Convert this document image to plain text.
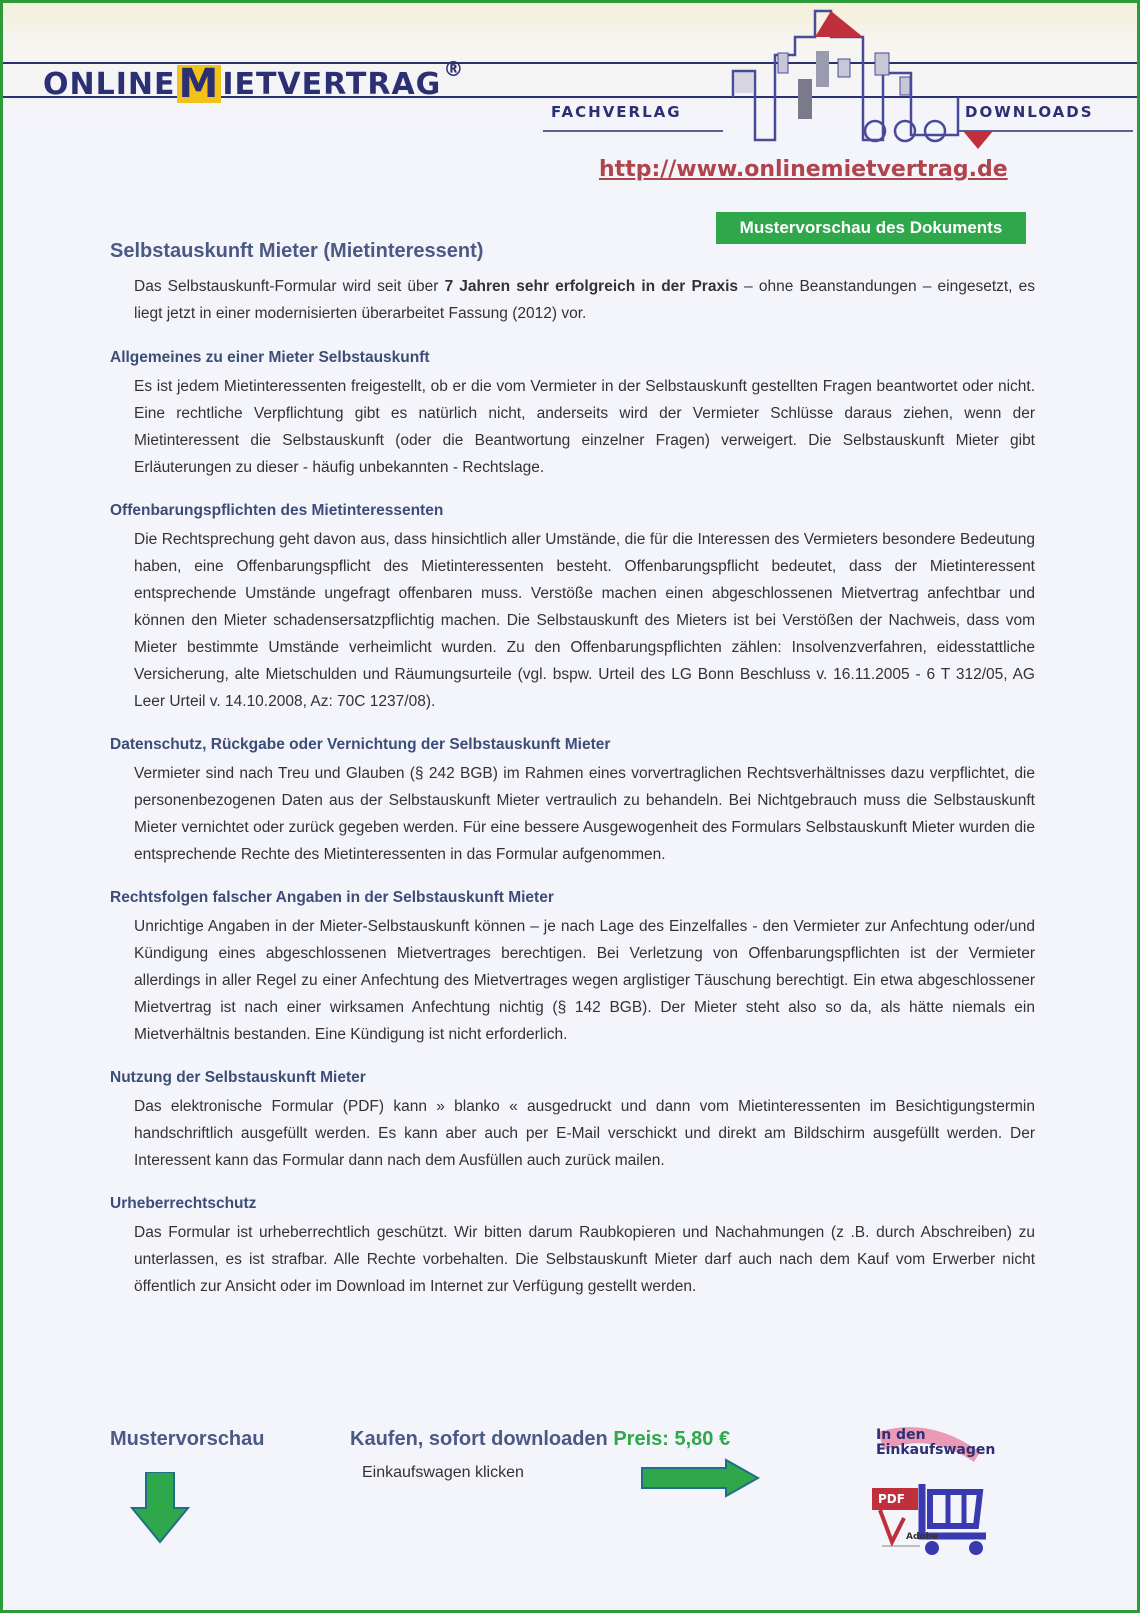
ONLINEM IETVERTRAG ®
FACHVERLAG	DOWNLOADS
http://www.onlinemietvertrag.de
Mustervorschau des Dokuments
Selbstauskunft Mieter (Mietinteressent)

Das Selbstauskunft-Formular wird seit über 7 Jahren sehr erfolgreich in der Praxis – ohne Beanstandungen – eingesetzt, es liegt jetzt in einer modernisierten überarbeitet Fassung (2012) vor.

Allgemeines zu einer Mieter Selbstauskunft

Es ist jedem Mietinteressenten freigestellt, ob er die vom Vermieter in der Selbstauskunft gestellten Fragen beantwortet oder nicht. Eine rechtliche Verpflichtung gibt es natürlich nicht, anderseits wird der Vermieter Schlüsse daraus ziehen, wenn der Mietinteressent die Selbstauskunft (oder die Beantwortung einzelner Fragen) verweigert. Die Selbstauskunft Mieter gibt Erläuterungen zu dieser - häufig unbekannten - Rechtslage.

Offenbarungspflichten des Mietinteressenten

Die Rechtsprechung geht davon aus, dass hinsichtlich aller Umstände, die für die Interessen des Vermieters besondere Bedeutung haben, eine Offenbarungspflicht des Mietinteressenten besteht. Offenbarungspflicht bedeutet, dass der Mietinteressent entsprechende Umstände ungefragt offenbaren muss. Verstöße machen einen abgeschlossenen Mietvertrag anfechtbar und können den Mieter schadensersatzpflichtig machen. Die Selbstauskunft des Mieters ist bei Verstößen der Nachweis, dass vom Mieter bestimmte Umstände verheimlicht wurden. Zu den Offenbarungspflichten zählen: Insolvenzverfahren, eidesstattliche Versicherung, alte Mietschulden und Räumungsurteile (vgl. bspw. Urteil des LG Bonn Beschluss v. 16.11.2005 - 6 T 312/05, AG Leer Urteil v. 14.10.2008, Az: 70C 1237/08).

Datenschutz, Rückgabe oder Vernichtung der Selbstauskunft Mieter

Vermieter sind nach Treu und Glauben (§ 242 BGB) im Rahmen eines vorvertraglichen Rechtsverhältnisses dazu verpflichtet, die personenbezogenen Daten aus der Selbstauskunft Mieter vertraulich zu behandeln. Bei Nichtgebrauch muss die Selbstauskunft Mieter vernichtet oder zurück gegeben werden. Für eine bessere Ausgewogenheit des Formulars Selbstauskunft Mieter wurden die entsprechende Rechte des Mietinteressenten in das Formular aufgenommen.

Rechtsfolgen falscher Angaben in der Selbstauskunft Mieter

Unrichtige Angaben in der Mieter-Selbstauskunft können – je nach Lage des Einzelfalles - den Vermieter zur Anfechtung oder/und Kündigung eines abgeschlossenen Mietvertrages berechtigen. Bei Verletzung von Offenbarungspflichten ist der Vermieter allerdings in aller Regel zu einer Anfechtung des Mietvertrages wegen arglistiger Täuschung berechtigt. Ein etwa abgeschlossener Mietvertrag ist nach einer wirksamen Anfechtung nichtig (§ 142 BGB). Der Mieter steht also so da, als hätte niemals ein Mietverhältnis bestanden. Eine Kündigung ist nicht erforderlich.

Nutzung der Selbstauskunft Mieter

Das elektronische Formular (PDF) kann » blanko « ausgedruckt und dann vom Mietinteressenten im Besichtigungstermin handschriftlich ausgefüllt werden. Es kann aber auch per E-Mail verschickt und direkt am Bildschirm ausgefüllt werden. Der Interessent kann das Formular dann nach dem Ausfüllen auch zurück mailen.

Urheberrechtschutz

Das Formular ist urheberrechtlich geschützt. Wir bitten darum Raubkopieren und Nachahmungen (z .B. durch Abschreiben) zu unterlassen, es ist strafbar. Alle Rechte vorbehalten. Die Selbstauskunft Mieter darf auch nach dem Kauf vom Erwerber nicht öffentlich zur Ansicht oder im Download im Internet zur Verfügung gestellt werden.

Mustervorschau	Kaufen, sofort downloaden Preis: 5,80 €
Einkaufswagen klicken
In den
Einkaufswagen
PDF
Adobe
